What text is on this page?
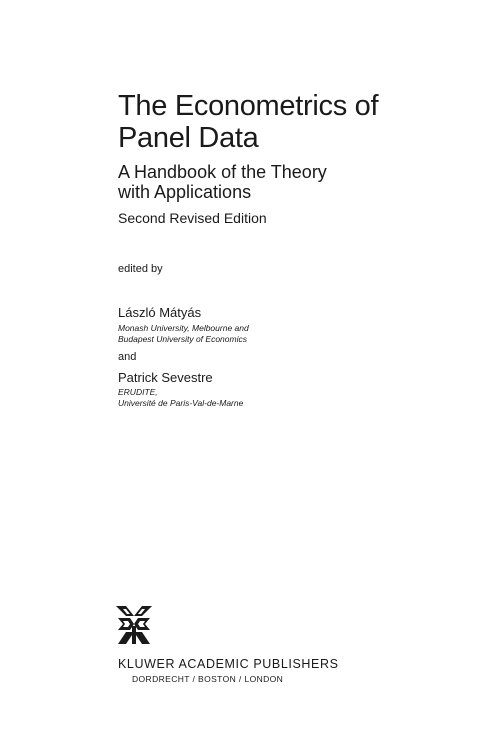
The Econometrics of
Panel Data
A Handbook of the Theory
with Applications
Second Revised Edition
edited by
László Mátyás
Monash University, Melbourne and
Budapest University of Economics
and
Patrick Sevestre
ERUDITE,
Université de Paris-Val-de-Marne
KLUWER ACADEMIC PUBLISHERS
DORDRECHT / BOSTON / LONDON
